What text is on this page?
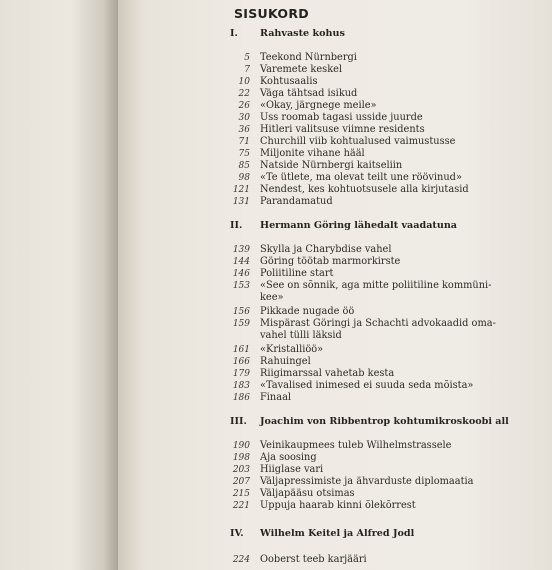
SISUKORD
I. Rahvaste kohus
5 Teekond Nürnbergi
7 Varemete keskel
10 Kohtusaalis
22 Väga tähtsad isikud
26 «Okay, järgnege meile»
30 Uss roomab tagasi usside juurde
36 Hitleri valitsuse viimne residents
71 Churchill viib kohtualused vaimustusse
75 Miljonite vihane hääl
85 Natside Nürnbergi kaitseliin
98 «Te ütlete, ma olevat teilt une röövinud»
121 Nendest, kes kohtuotsusele alla kirjutasid
131 Parandamatud
II. Hermann Göring lähedalt vaadatuna
139 Skylla ja Charybdise vahel
144 Göring töötab marmorkirste
146 Poliitiline start
153 «See on sõnnik, aga mitte poliitiline kommüni-kee»
156 Pikkade nugade öö
159 Mispärast Göringi ja Schachti advokaadid oma-vahel tülli läksid
161 «Kristalliöö»
166 Rahuingel
179 Riigimarssal vahetab kesta
183 «Tavalised inimesed ei suuda seda mõista»
186 Finaal
III. Joachim von Ribbentrop kohtumikroskoobi all
190 Veinikaupmees tuleb Wilhelmstrassele
198 Aja soosing
203 Hiiglase vari
207 Väljapressimiste ja ähvarduste diplomaatia
215 Väljapääsu otsimas
221 Uppuja haarab kinni õlekõrrest
IV. Wilhelm Keitel ja Alfred Jodl
224 Ooberst teeb karjääri
